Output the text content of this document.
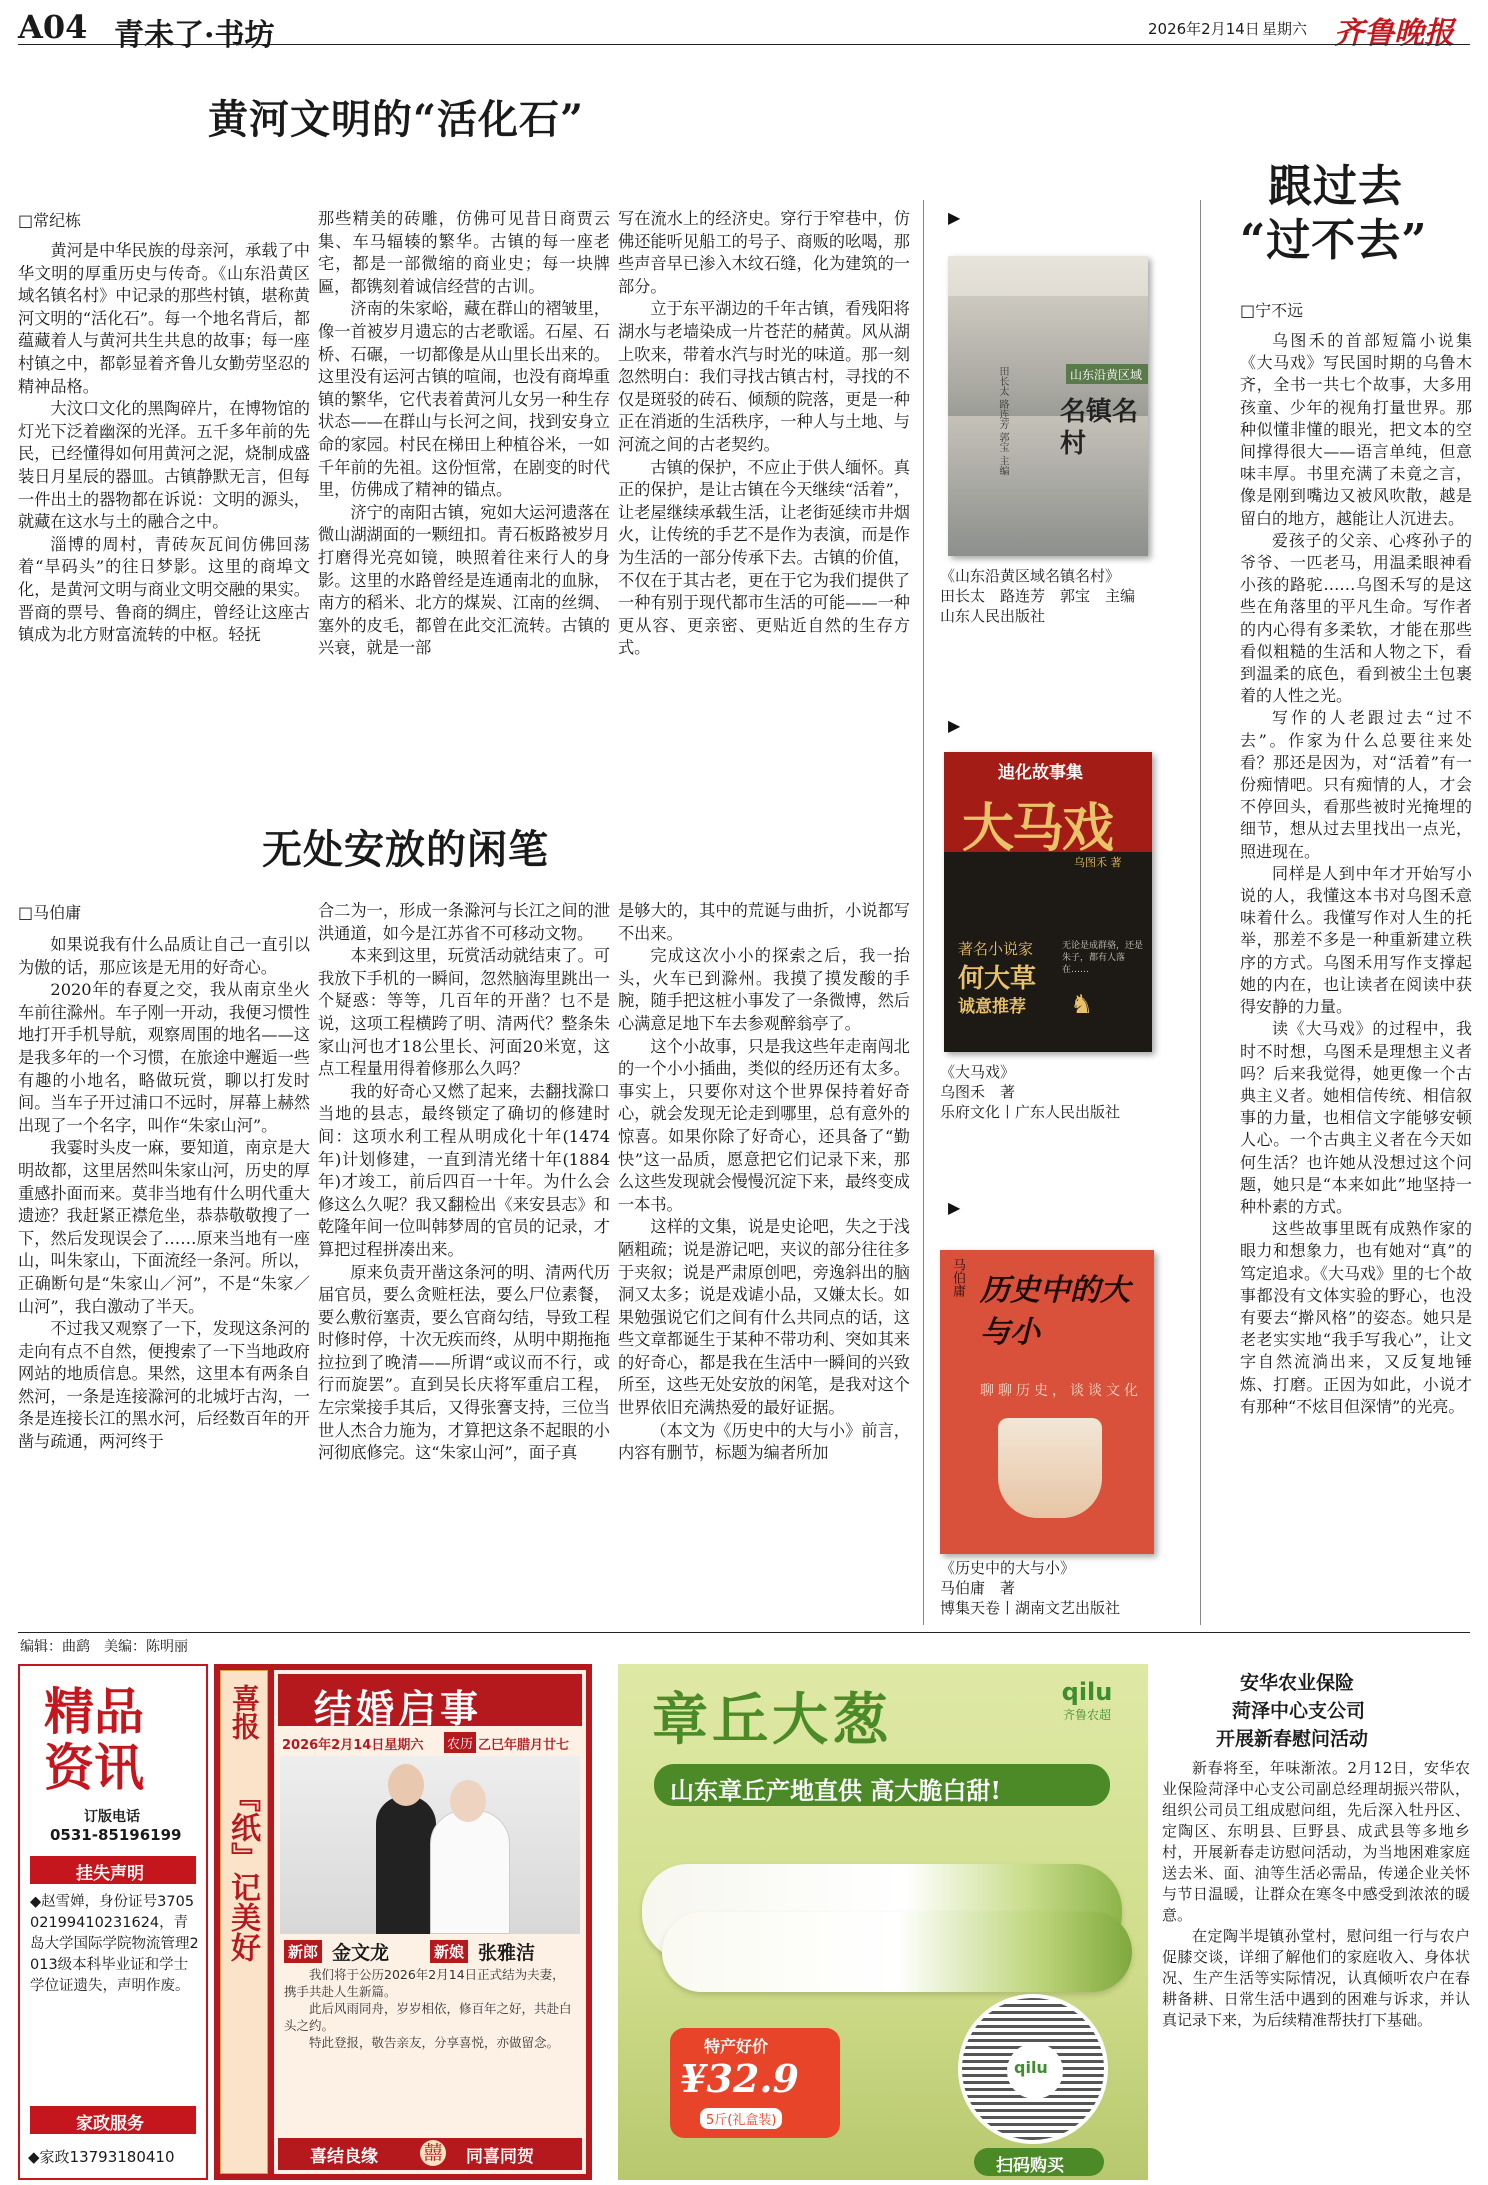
A04 青未了·书坊	2026年2月14日 星期六 齐鲁晚报
黄河文明的“活化石”
□常纪栋

黄河是中华民族的母亲河，承载了中华文明的厚重历史与传奇。《山东沿黄区域名镇名村》中记录的那些村镇，堪称黄河文明的“活化石”。每一个地名背后，都蕴藏着人与黄河共生共息的故事；每一座村镇之中，都彰显着齐鲁儿女勤劳坚忍的精神品格。

大汶口文化的黑陶碎片，在博物馆的灯光下泛着幽深的光泽。五千多年前的先民，已经懂得如何用黄河之泥，烧制成盛装日月星辰的器皿。古镇静默无言，但每一件出土的器物都在诉说：文明的源头，就藏在这水与土的融合之中。

淄博的周村，青砖灰瓦间仿佛回荡着“旱码头”的往日梦影。这里的商埠文化，是黄河文明与商业文明交融的果实。晋商的票号、鲁商的绸庄，曾经让这座古镇成为北方财富流转的中枢。轻抚

那些精美的砖雕，仿佛可见昔日商贾云集、车马辐辏的繁华。古镇的每一座老宅，都是一部微缩的商业史；每一块牌匾，都镌刻着诚信经营的古训。

济南的朱家峪，藏在群山的褶皱里，像一首被岁月遗忘的古老歌谣。石屋、石桥、石碾，一切都像是从山里长出来的。这里没有运河古镇的喧闹，也没有商埠重镇的繁华，它代表着黄河儿女另一种生存状态——在群山与长河之间，找到安身立命的家园。村民在梯田上种植谷米，一如千年前的先祖。这份恒常，在剧变的时代里，仿佛成了精神的锚点。

济宁的南阳古镇，宛如大运河遗落在微山湖湖面的一颗纽扣。青石板路被岁月打磨得光亮如镜，映照着往来行人的身影。这里的水路曾经是连通南北的血脉，南方的稻米、北方的煤炭、江南的丝绸、塞外的皮毛，都曾在此交汇流转。古镇的兴衰，就是一部

写在流水上的经济史。穿行于窄巷中，仿佛还能听见船工的号子、商贩的吆喝，那些声音早已渗入木纹石缝，化为建筑的一部分。

立于东平湖边的千年古镇，看残阳将湖水与老墙染成一片苍茫的赭黄。风从湖上吹来，带着水汽与时光的味道。那一刻忽然明白：我们寻找古镇古村，寻找的不仅是斑驳的砖石、倾颓的院落，更是一种正在消逝的生活秩序，一种人与土地、与河流之间的古老契约。

古镇的保护，不应止于供人缅怀。真正的保护，是让古镇在今天继续“活着”，让老屋继续承载生活，让老街延续市井烟火，让传统的手艺不是作为表演，而是作为生活的一部分传承下去。古镇的价值，不仅在于其古老，更在于它为我们提供了一种有别于现代都市生活的可能——一种更从容、更亲密、更贴近自然的生存方式。

无处安放的闲笔
□马伯庸

如果说我有什么品质让自己一直引以为傲的话，那应该是无用的好奇心。

2020年的春夏之交，我从南京坐火车前往滁州。车子刚一开动，我便习惯性地打开手机导航，观察周围的地名——这是我多年的一个习惯，在旅途中邂逅一些有趣的小地名，略做玩赏，聊以打发时间。当车子开过浦口不远时，屏幕上赫然出现了一个名字，叫作“朱家山河”。

我霎时头皮一麻，要知道，南京是大明故都，这里居然叫朱家山河，历史的厚重感扑面而来。莫非当地有什么明代重大遗迹？我赶紧正襟危坐，恭恭敬敬搜了一下，然后发现误会了……原来当地有一座山，叫朱家山，下面流经一条河。所以，正确断句是“朱家山／河”，不是“朱家／山河”，我白激动了半天。

不过我又观察了一下，发现这条河的走向有点不自然，便搜索了一下当地政府网站的地质信息。果然，这里本有两条自然河，一条是连接滁河的北城圩古沟，一条是连接长江的黑水河，后经数百年的开凿与疏通，两河终于

合二为一，形成一条滁河与长江之间的泄洪通道，如今是江苏省不可移动文物。

本来到这里，玩赏活动就结束了。可我放下手机的一瞬间，忽然脑海里跳出一个疑惑：等等，几百年的开凿？乜不是说，这项工程横跨了明、清两代？整条朱家山河也才18公里长、河面20米宽，这点工程量用得着修那么久吗？

我的好奇心又燃了起来，去翻找滁口当地的县志，最终锁定了确切的修建时间：这项水利工程从明成化十年(1474年)计划修建，一直到清光绪十年(1884年)才竣工，前后四百一十年。为什么会修这么久呢？我又翻检出《来安县志》和乾隆年间一位叫韩梦周的官员的记录，才算把过程拼凑出来。

原来负责开凿这条河的明、清两代历届官员，要么贪赃枉法，要么尸位素餐，要么敷衍塞责，要么官商勾结，导致工程时修时停，十次无疾而终，从明中期拖拖拉拉到了晚清——所谓“或议而不行，或行而旋罢”。直到吴长庆将军重启工程，左宗棠接手其后，又得张謇支持，三位当世人杰合力施为，才算把这条不起眼的小河彻底修完。这“朱家山河”，面子真

是够大的，其中的荒诞与曲折，小说都写不出来。

完成这次小小的探索之后，我一抬头，火车已到滁州。我摸了摸发酸的手腕，随手把这桩小事发了一条微博，然后心满意足地下车去参观醉翁亭了。

这个小故事，只是我这些年走南闯北的一个小小插曲，类似的经历还有太多。事实上，只要你对这个世界保持着好奇心，就会发现无论走到哪里，总有意外的惊喜。如果你除了好奇心，还具备了“勤快”这一品质，愿意把它们记录下来，那么这些发现就会慢慢沉淀下来，最终变成一本书。

这样的文集，说是史论吧，失之于浅陋粗疏；说是游记吧，夹议的部分往往多于夹叙；说是严肃原创吧，旁逸斜出的脑洞又太多；说是戏谑小品，又嫌太长。如果勉强说它们之间有什么共同点的话，这些文章都诞生于某种不带功利、突如其来的好奇心，都是我在生活中一瞬间的兴致所至，这些无处安放的闲笔，是我对这个世界依旧充满热爱的最好证据。

（本文为《历史中的大与小》前言，内容有删节，标题为编者所加

▶
山东沿黄区域
名镇名村
田长太 路连芳 郭宝 主编
《山东沿黄区域名镇名村》
田长太　路连芳　郭宝　主编
山东人民出版社
▶
迪化故事集
大马戏
乌图禾 著
著名小说家
何大草
诚意推荐
无论是成群骆，还是朱子，都有人落在……
♞
《大马戏》
乌图禾　著
乐府文化丨广东人民出版社
▶
马伯庸 历史中的大与小
聊聊历史，谈谈文化
《历史中的大与小》
马伯庸　著
博集天卷丨湖南文艺出版社
跟过去
“过不去”
□宁不远

乌图禾的首部短篇小说集《大马戏》写民国时期的乌鲁木齐，全书一共七个故事，大多用孩童、少年的视角打量世界。那种似懂非懂的眼光，把文本的空间撑得很大——语言单纯，但意味丰厚。书里充满了未竟之言，像是刚到嘴边又被风吹散，越是留白的地方，越能让人沉进去。

爱孩子的父亲、心疼孙子的爷爷、一匹老马，用温柔眼神看小孩的路驼……乌图禾写的是这些在角落里的平凡生命。写作者的内心得有多柔软，才能在那些看似粗糙的生活和人物之下，看到温柔的底色，看到被尘土包裹着的人性之光。

写作的人老跟过去“过不去”。作家为什么总要往来处看？那还是因为，对“活着”有一份痴情吧。只有痴情的人，才会不停回头，看那些被时光掩埋的细节，想从过去里找出一点光，照进现在。

同样是人到中年才开始写小说的人，我懂这本书对乌图禾意味着什么。我懂写作对人生的托举，那差不多是一种重新建立秩序的方式。乌图禾用写作支撑起她的内在，也让读者在阅读中获得安静的力量。

读《大马戏》的过程中，我时不时想，乌图禾是理想主义者吗？后来我觉得，她更像一个古典主义者。她相信传统、相信叙事的力量，也相信文字能够安顿人心。一个古典主义者在今天如何生活？也许她从没想过这个问题，她只是“本来如此”地坚持一种朴素的方式。

这些故事里既有成熟作家的眼力和想象力，也有她对“真”的笃定追求。《大马戏》里的七个故事都没有文体实验的野心，也没有要去“擀风格”的姿态。她只是老老实实地“我手写我心”，让文字自然流淌出来，又反复地锤炼、打磨。正因为如此，小说才有那种“不炫目但深情”的光亮。

编辑：曲鹞　美编：陈明丽
精品
资讯
订版电话
0531-85196199
挂失声明
◆赵雪婵，身份证号370502199410231624，青岛大学国际学院物流管理2013级本科毕业证和学士学位证遗失，声明作废。
家政服务
◆家政13793180410
喜报
『纸』记美好
结婚启事
2026年2月14日星期六 农历 乙巳年腊月廿七
新郎 金文龙	新娘 张雅洁
我们将于公历2026年2月14日正式结为夫妻，携手共赴人生新篇。
此后风雨同舟，岁岁相依，修百年之好，共赴白头之约。
特此登报，敬告亲友，分享喜悦，亦做留念。
喜结良缘 囍 同喜同贺
章丘大葱	qilu
齐鲁农超
山东章丘产地直供 高大脆白甜!
特产好价
¥32.9
5斤(礼盒装)
qilu
扫码购买
安华农业保险
菏泽中心支公司
开展新春慰问活动

新春将至，年味渐浓。2月12日，安华农业保险菏泽中心支公司副总经理胡振兴带队，组织公司员工组成慰问组，先后深入牡丹区、定陶区、东明县、巨野县、成武县等多地乡村，开展新春走访慰问活动，为当地困难家庭送去米、面、油等生活必需品，传递企业关怀与节日温暖，让群众在寒冬中感受到浓浓的暖意。

在定陶半堤镇孙堂村，慰问组一行与农户促膝交谈，详细了解他们的家庭收入、身体状况、生产生活等实际情况，认真倾听农户在春耕备耕、日常生活中遇到的困难与诉求，并认真记录下来，为后续精准帮扶打下基础。
